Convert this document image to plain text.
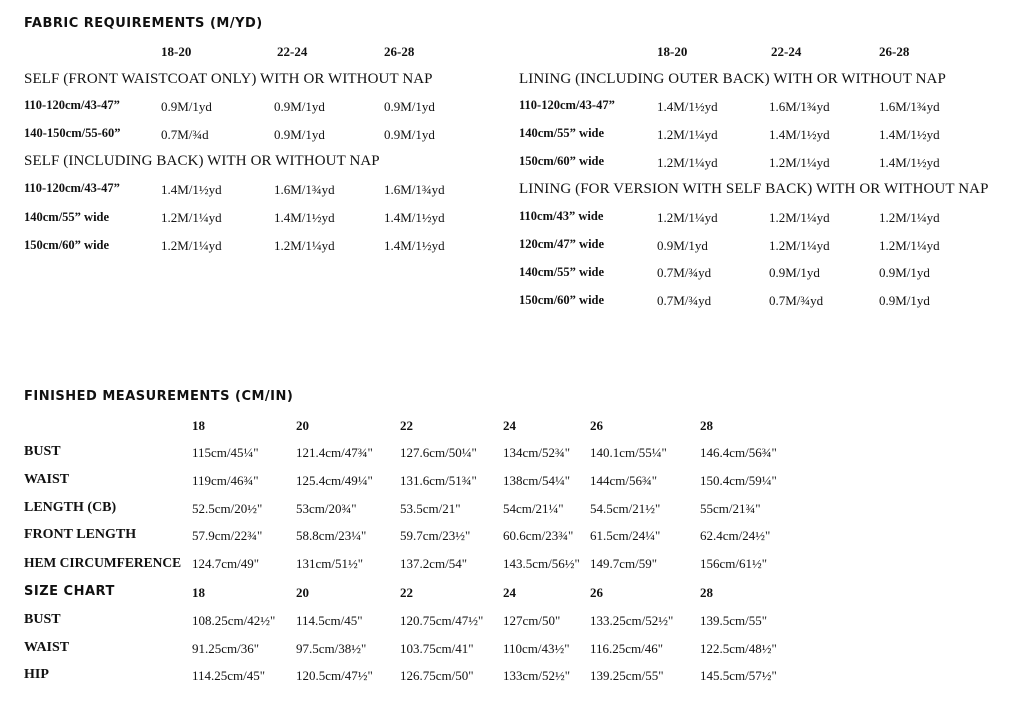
FABRIC REQUIREMENTS (M/YD)
18-20	22-24	26-28	18-20	22-24	26-28
SELF (FRONT WAISTCOAT ONLY) WITH OR WITHOUT NAP
110-120cm/43-47”	0.9M/1yd	0.9M/1yd	0.9M/1yd
140-150cm/55-60”	0.7M/¾d	0.9M/1yd	0.9M/1yd
SELF (INCLUDING BACK) WITH OR WITHOUT NAP
110-120cm/43-47”	1.4M/1½yd	1.6M/1¾yd	1.6M/1¾yd
140cm/55” wide	1.2M/1¼yd	1.4M/1½yd	1.4M/1½yd
150cm/60” wide	1.2M/1¼yd	1.2M/1¼yd	1.4M/1½yd
LINING (INCLUDING OUTER BACK) WITH OR WITHOUT NAP
110-120cm/43-47”	1.4M/1½yd	1.6M/1¾yd	1.6M/1¾yd
140cm/55” wide	1.2M/1¼yd	1.4M/1½yd	1.4M/1½yd
150cm/60” wide	1.2M/1¼yd	1.2M/1¼yd	1.4M/1½yd
LINING (FOR VERSION WITH SELF BACK) WITH OR WITHOUT NAP
110cm/43” wide	1.2M/1¼yd	1.2M/1¼yd	1.2M/1¼yd
120cm/47” wide	0.9M/1yd	1.2M/1¼yd	1.2M/1¼yd
140cm/55” wide	0.7M/¾yd	0.9M/1yd	0.9M/1yd
150cm/60” wide	0.7M/¾yd	0.7M/¾yd	0.9M/1yd
FINISHED MEASUREMENTS (CM/IN)
18	20	22	24	26	28
BUST	115cm/45¼"	121.4cm/47¾" 127.6cm/50¼" 134cm/52¾" 140.1cm/55¼"	146.4cm/56¾"
WAIST	119cm/46¾"	125.4cm/49¼" 131.6cm/51¾" 138cm/54¼" 144cm/56¾"	150.4cm/59¼"
LENGTH (CB)	52.5cm/20½"	53cm/20¾"	53.5cm/21"	54cm/21¼" 54.5cm/21½"	55cm/21¾"
FRONT LENGTH	57.9cm/22¾"	58.8cm/23¼"	59.7cm/23½"	60.6cm/23¾" 61.5cm/24¼"	62.4cm/24½"
HEM CIRCUMFERENCE 124.7cm/49"	131cm/51½"	137.2cm/54"	143.5cm/56½" 149.7cm/59"	156cm/61½"
SIZE CHART	18	20	22	24	26	28
BUST	108.25cm/42½" 114.5cm/45"	120.75cm/47½" 127cm/50" 133.25cm/52½" 139.5cm/55"
WAIST	91.25cm/36"	97.5cm/38½"	103.75cm/41" 110cm/43½" 116.25cm/46"	122.5cm/48½"
HIP	114.25cm/45" 120.5cm/47½" 126.75cm/50" 133cm/52½" 139.25cm/55"	145.5cm/57½"
